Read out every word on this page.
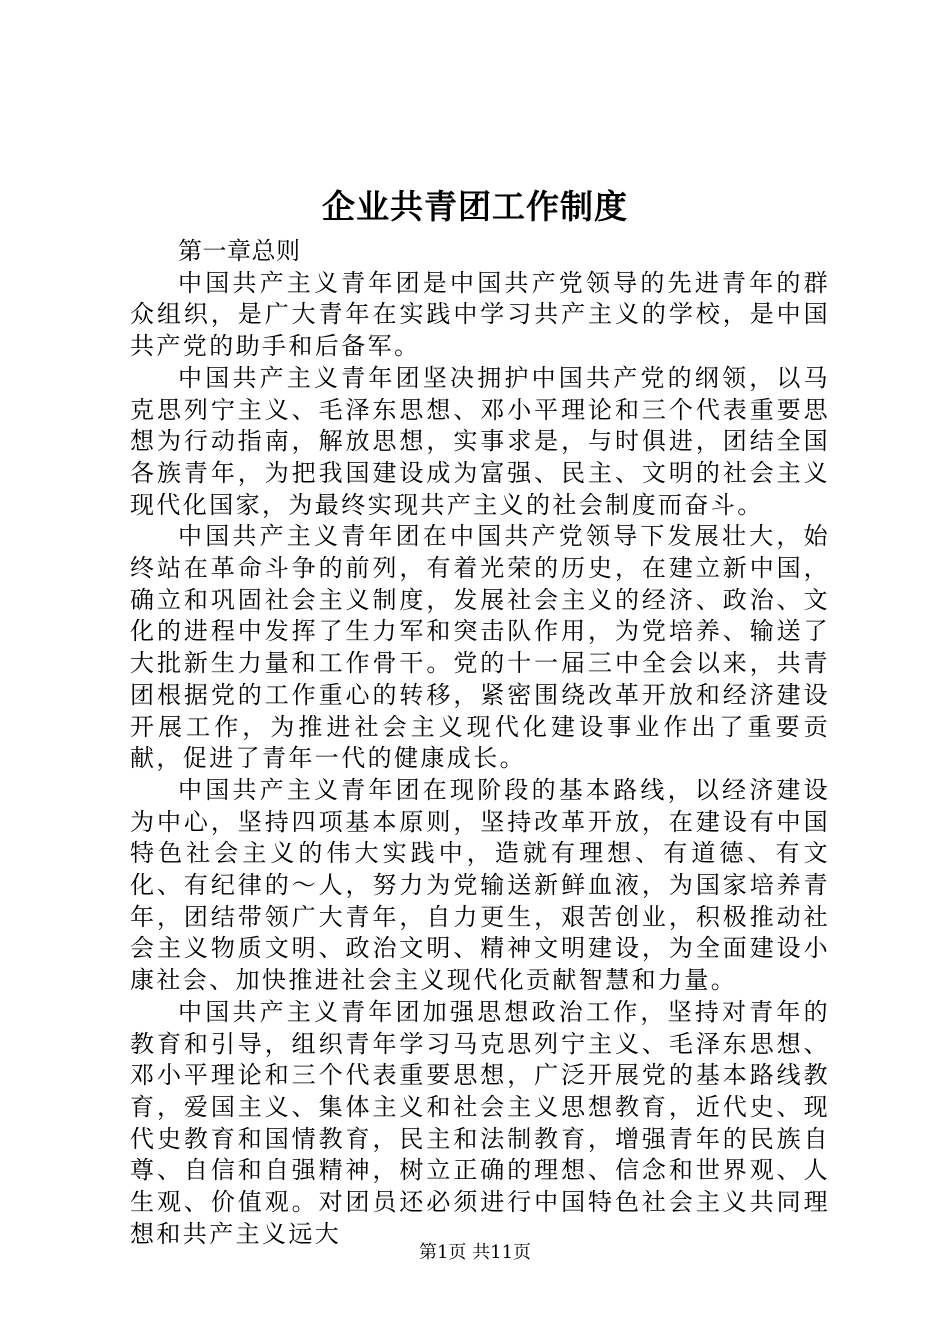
企业共青团工作制度

第一章总则

中国共产主义青年团是中国共产党领导的先进青年的群众组织，是广大青年在实践中学习共产主义的学校，是中国共产党的助手和后备军。

中国共产主义青年团坚决拥护中国共产党的纲领，以马克思列宁主义、毛泽东思想、邓小平理论和三个代表重要思想为行动指南，解放思想，实事求是，与时俱进，团结全国各族青年，为把我国建设成为富强、民主、文明的社会主义现代化国家，为最终实现共产主义的社会制度而奋斗。

中国共产主义青年团在中国共产党领导下发展壮大，始终站在革命斗争的前列，有着光荣的历史，在建立新中国，确立和巩固社会主义制度，发展社会主义的经济、政治、文化的进程中发挥了生力军和突击队作用，为党培养、输送了大批新生力量和工作骨干。党的十一届三中全会以来，共青团根据党的工作重心的转移，紧密围绕改革开放和经济建设开展工作，为推进社会主义现代化建设事业作出了重要贡献，促进了青年一代的健康成长。

中国共产主义青年团在现阶段的基本路线，以经济建设为中心，坚持四项基本原则，坚持改革开放，在建设有中国特色社会主义的伟大实践中，造就有理想、有道德、有文化、有纪律的～人，努力为党输送新鲜血液，为国家培养青年，团结带领广大青年，自力更生，艰苦创业，积极推动社会主义物质文明、政治文明、精神文明建设，为全面建设小康社会、加快推进社会主义现代化贡献智慧和力量。

中国共产主义青年团加强思想政治工作，坚持对青年的教育和引导，组织青年学习马克思列宁主义、毛泽东思想、邓小平理论和三个代表重要思想，广泛开展党的基本路线教育，爱国主义、集体主义和社会主义思想教育，近代史、现代史教育和国情教育，民主和法制教育，增强青年的民族自尊、自信和自强精神，树立正确的理想、信念和世界观、人生观、价值观。对团员还必须进行中国特色社会主义共同理想和共产主义远大

第1页 共11页
